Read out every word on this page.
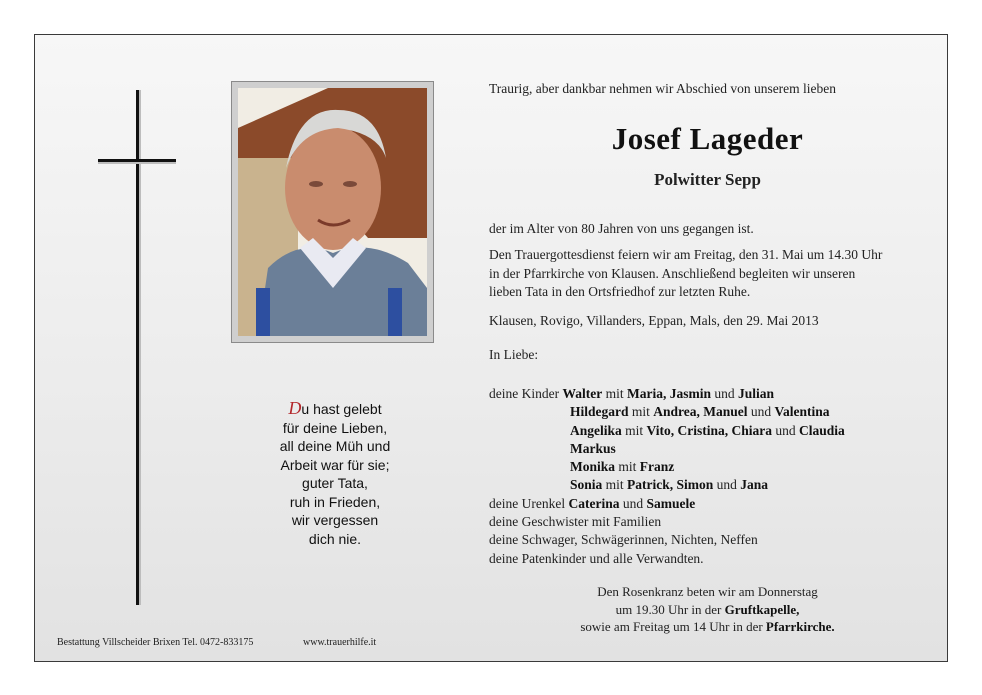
Du hast gelebt
für deine Lieben,
all deine Müh und
Arbeit war für sie;
guter Tata,
ruh in Frieden,
wir vergessen
dich nie.
Traurig, aber dankbar nehmen wir Abschied von unserem lieben
Josef Lageder
Polwitter Sepp
der im Alter von 80 Jahren von uns gegangen ist.
Den Trauergottesdienst feiern wir am Freitag, den 31. Mai um 14.30 Uhr
in der Pfarrkirche von Klausen. Anschließend begleiten wir unseren
lieben Tata in den Ortsfriedhof zur letzten Ruhe.
Klausen, Rovigo, Villanders, Eppan, Mals, den 29. Mai 2013
In Liebe:
deine Kinder Walter mit Maria, Jasmin und Julian
Hildegard mit Andrea, Manuel und Valentina
Angelika mit Vito, Cristina, Chiara und Claudia
Markus
Monika mit Franz
Sonia mit Patrick, Simon und Jana
deine Urenkel Caterina und Samuele
deine Geschwister mit Familien
deine Schwager, Schwägerinnen, Nichten, Neffen
deine Patenkinder und alle Verwandten.
Den Rosenkranz beten wir am Donnerstag
um 19.30 Uhr in der Gruftkapelle,
sowie am Freitag um 14 Uhr in der Pfarrkirche.
Bestattung Villscheider Brixen Tel. 0472-833175	www.trauerhilfe.it
